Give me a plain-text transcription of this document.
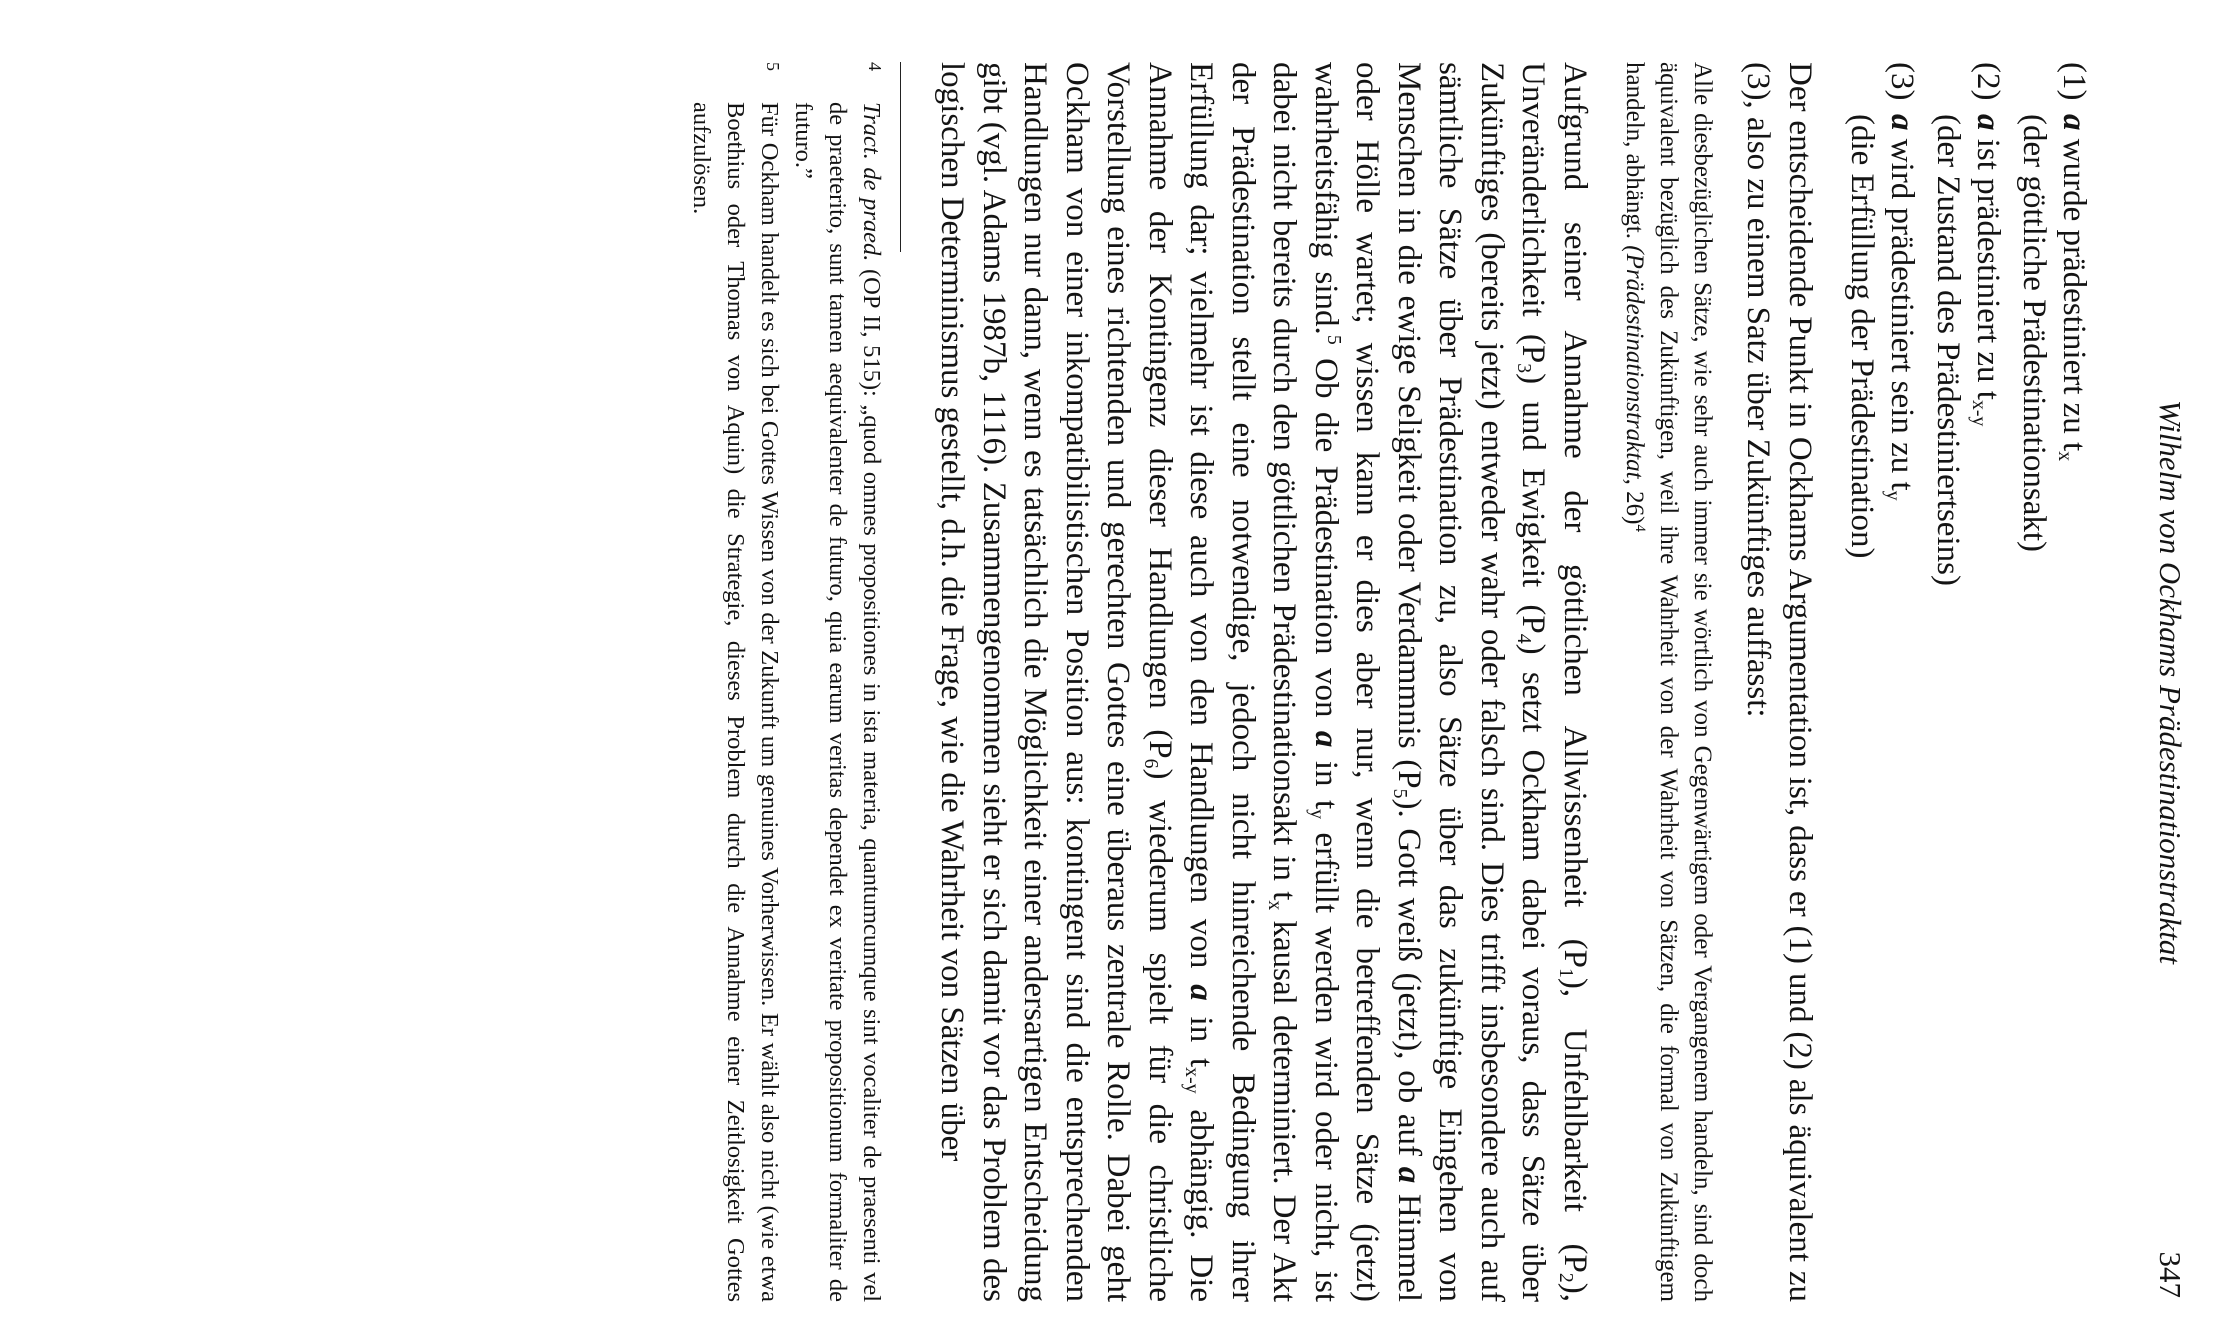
Wilhelm von Ockhams Prädestinationstraktat
347
(1)
a wurde prädestiniert zu $t_x$
(der göttliche Prädestinationsakt)
(2)
a ist prädestiniert zu $t_{x-y}$
(der Zustand des Prädestiniertseins)
(3)
a wird prädestiniert sein zu $t_y$
(die Erfüllung der Prädestination)

Der entscheidende Punkt in Ockhams Argumentation ist, dass er (1) und (2) als äquivalent zu (3), also zu einem Satz über Zukünftiges auffasst:

Alle diesbezüglichen Sätze, wie sehr auch immer sie wörtlich von Gegenwärtigem oder Vergangenem handeln, sind doch äquivalent bezüglich des Zukünftigen, weil ihre Wahrheit von der Wahrheit von Sätzen, die formal von Zukünftigem handeln, abhängt. (Prädestinationstraktat, 26)$^4$

Aufgrund seiner Annahme der göttlichen Allwissenheit $(P_1)$, Unfehlbarkeit $(P_2)$, Unveränderlichkeit $(P_3)$ und Ewigkeit $(P_4)$ setzt Ockham dabei voraus, dass Sätze über Zukünftiges (bereits jetzt) entweder wahr oder falsch sind. Dies trifft insbesondere auch auf sämtliche Sätze über Prädestination zu, also Sätze über das zukünftige Eingehen von Menschen in die ewige Seligkeit oder Verdammnis $(P_5)$. Gott weiß (jetzt), ob auf a Himmel oder Hölle wartet; wissen kann er dies aber nur, wenn die betreffenden Sätze (jetzt) wahrheitsfähig sind.$^5$ Ob die Prädestination von a in $t_y$ erfüllt werden wird oder nicht, ist dabei nicht bereits durch den göttlichen Prädestinationsakt in $t_x$ kausal determiniert. Der Akt der Prädestination stellt eine notwendige, jedoch nicht hinreichende Bedingung ihrer Erfüllung dar; vielmehr ist diese auch von den Handlungen von a in $t_{x-y}$ abhängig. Die Annahme der Kontingenz dieser Handlungen $(P_6)$ wiederum spielt für die christliche Vorstellung eines richtenden und gerechten Gottes eine überaus zentrale Rolle. Dabei geht Ockham von einer inkompatibilistischen Position aus: kontingent sind die entsprechenden Handlungen nur dann, wenn es tatsächlich die Möglichkeit einer andersartigen Entscheidung gibt (vgl. Adams 1987b, 1116). Zusammengenommen sieht er sich damit vor das Problem des logischen Determinismus gestellt, d.h. die Frage, wie die Wahrheit von Sätzen über

4
Tract. de praed. (OP II, 515): „quod omnes propositiones in ista materia, quantumcumque sint vocaliter de praesenti vel de praeterito, sunt tamen aequivalenter de futuro, quia earum veritas dependet ex veritate propositionum formaliter de futuro.”
5
Für Ockham handelt es sich bei Gottes Wissen von der Zukunft um genuines Vorherwissen. Er wählt also nicht (wie etwa Boethius oder Thomas von Aquin) die Strategie, dieses Problem durch die Annahme einer Zeitlosigkeit Gottes aufzulösen.
